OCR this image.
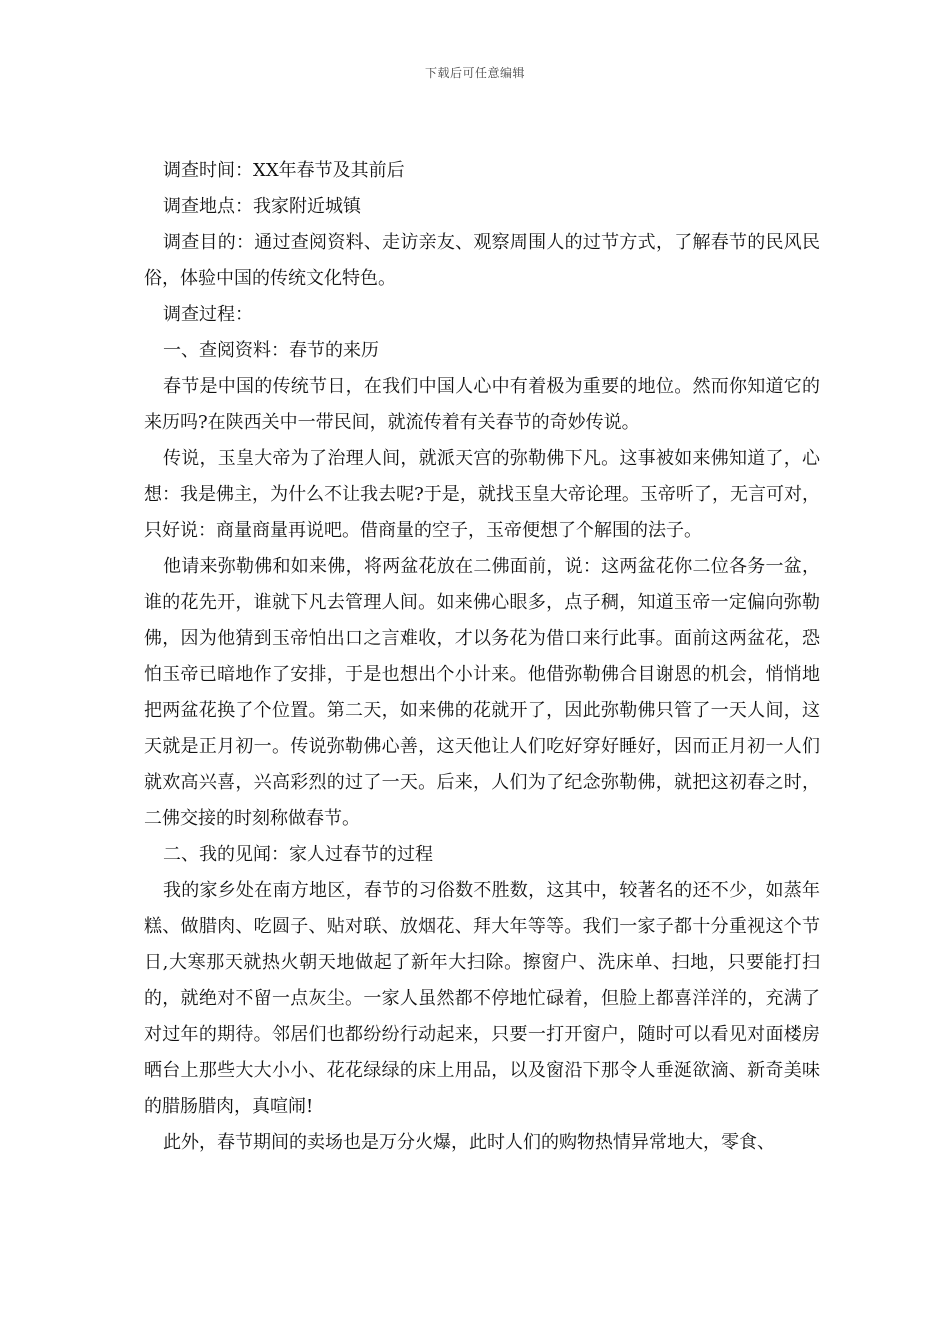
下载后可任意编辑

调查时间：XX年春节及其前后

调查地点：我家附近城镇

调查目的：通过查阅资料、走访亲友、观察周围人的过节方式，了解春节的民风民俗，体验中国的传统文化特色。

调查过程：

一、查阅资料：春节的来历

春节是中国的传统节日，在我们中国人心中有着极为重要的地位。然而你知道它的来历吗?在陕西关中一带民间，就流传着有关春节的奇妙传说。

传说，玉皇大帝为了治理人间，就派天宫的弥勒佛下凡。这事被如来佛知道了，心想：我是佛主，为什么不让我去呢?于是，就找玉皇大帝论理。玉帝听了，无言可对，只好说：商量商量再说吧。借商量的空子，玉帝便想了个解围的法子。

他请来弥勒佛和如来佛，将两盆花放在二佛面前，说：这两盆花你二位各务一盆，谁的花先开，谁就下凡去管理人间。如来佛心眼多，点子稠，知道玉帝一定偏向弥勒佛，因为他猜到玉帝怕出口之言难收，才以务花为借口来行此事。面前这两盆花，恐怕玉帝已暗地作了安排，于是也想出个小计来。他借弥勒佛合目谢恩的机会，悄悄地把两盆花换了个位置。第二天，如来佛的花就开了，因此弥勒佛只管了一天人间，这天就是正月初一。传说弥勒佛心善，这天他让人们吃好穿好睡好，因而正月初一人们就欢高兴喜，兴高彩烈的过了一天。后来，人们为了纪念弥勒佛，就把这初春之时，二佛交接的时刻称做春节。

二、我的见闻：家人过春节的过程

我的家乡处在南方地区，春节的习俗数不胜数，这其中，较著名的还不少，如蒸年糕、做腊肉、吃圆子、贴对联、放烟花、拜大年等等。我们一家子都十分重视这个节日,大寒那天就热火朝天地做起了新年大扫除。擦窗户、洗床单、扫地，只要能打扫的，就绝对不留一点灰尘。一家人虽然都不停地忙碌着，但脸上都喜洋洋的，充满了对过年的期待。邻居们也都纷纷行动起来，只要一打开窗户，随时可以看见对面楼房晒台上那些大大小小、花花绿绿的床上用品，以及窗沿下那令人垂涎欲滴、新奇美味的腊肠腊肉，真喧闹!

此外，春节期间的卖场也是万分火爆，此时人们的购物热情异常地大，零食、
